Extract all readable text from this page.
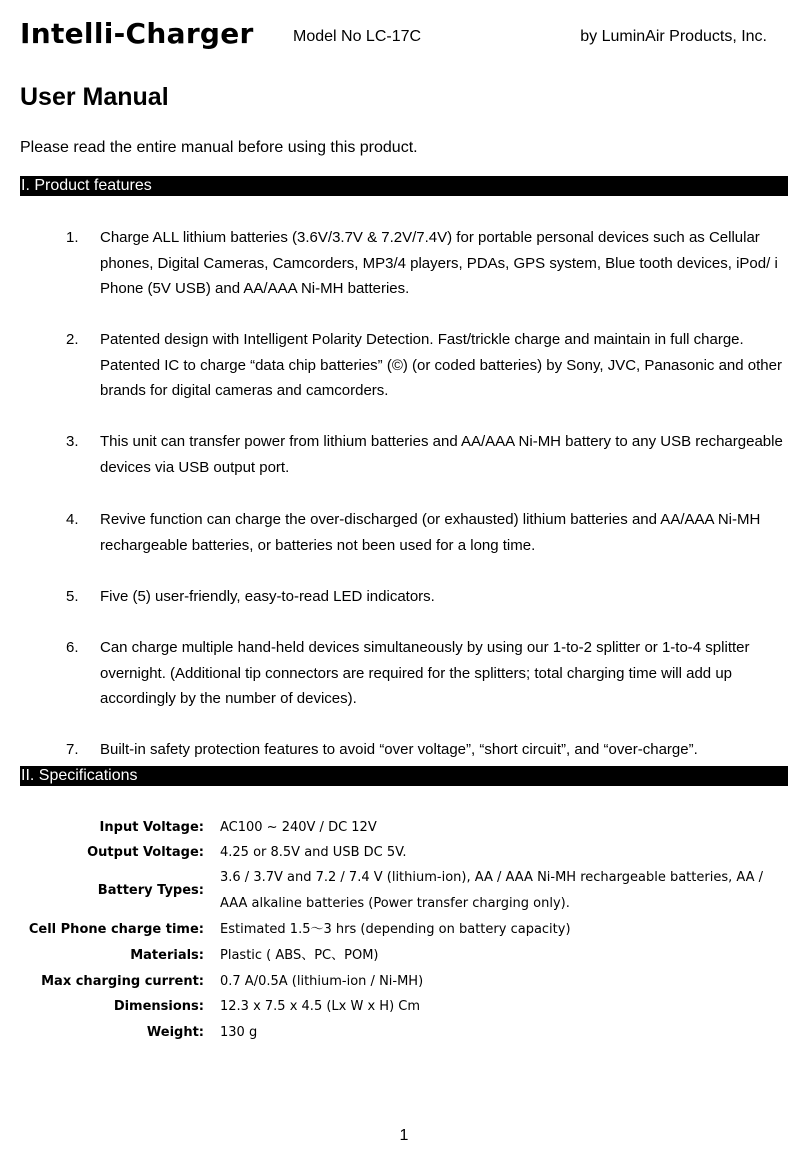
Intelli-Charger Model No LC-17C	by LuminAir Products, Inc.
User Manual
Please read the entire manual before using this product.
I. Product features
1. Charge ALL lithium batteries (3.6V/3.7V & 7.2V/7.4V) for portable personal devices such as Cellular phones, Digital Cameras, Camcorders, MP3/4 players, PDAs, GPS system, Blue tooth devices, iPod/ i Phone (5V USB) and AA/AAA Ni-MH batteries.
2. Patented design with Intelligent Polarity Detection. Fast/trickle charge and maintain in full charge. Patented IC to charge “data chip batteries” (©) (or coded batteries) by Sony, JVC, Panasonic and other brands for digital cameras and camcorders.
3. This unit can transfer power from lithium batteries and AA/AAA Ni-MH battery to any USB rechargeable devices via USB output port.
4. Revive function can charge the over-discharged (or exhausted) lithium batteries and AA/AAA Ni-MH rechargeable batteries, or batteries not been used for a long time.
5. Five (5) user-friendly, easy-to-read LED indicators.
6. Can charge multiple hand-held devices simultaneously by using our 1-to-2 splitter or 1-to-4 splitter overnight. (Additional tip connectors are required for the splitters; total charging time will add up accordingly by the number of devices).
7. Built-in safety protection features to avoid “over voltage”, “short circuit”, and “over-charge”.
II. Specifications
Input Voltage: AC100 ~ 240V / DC 12V
Output Voltage: 4.25 or 8.5V and USB DC 5V.
Battery Types:
3.6 / 3.7V and 7.2 / 7.4 V (lithium-ion), AA / AAA Ni-MH rechargeable batteries, AA / AAA alkaline batteries (Power transfer charging only).
Cell Phone charge time: Estimated 1.5～3 hrs (depending on battery capacity)
Materials: Plastic ( ABS、PC、POM)
Max charging current: 0.7 A/0.5A (lithium-ion / Ni-MH)
Dimensions: 12.3 x 7.5 x 4.5 (Lx W x H) Cm
Weight: 130 g
1
